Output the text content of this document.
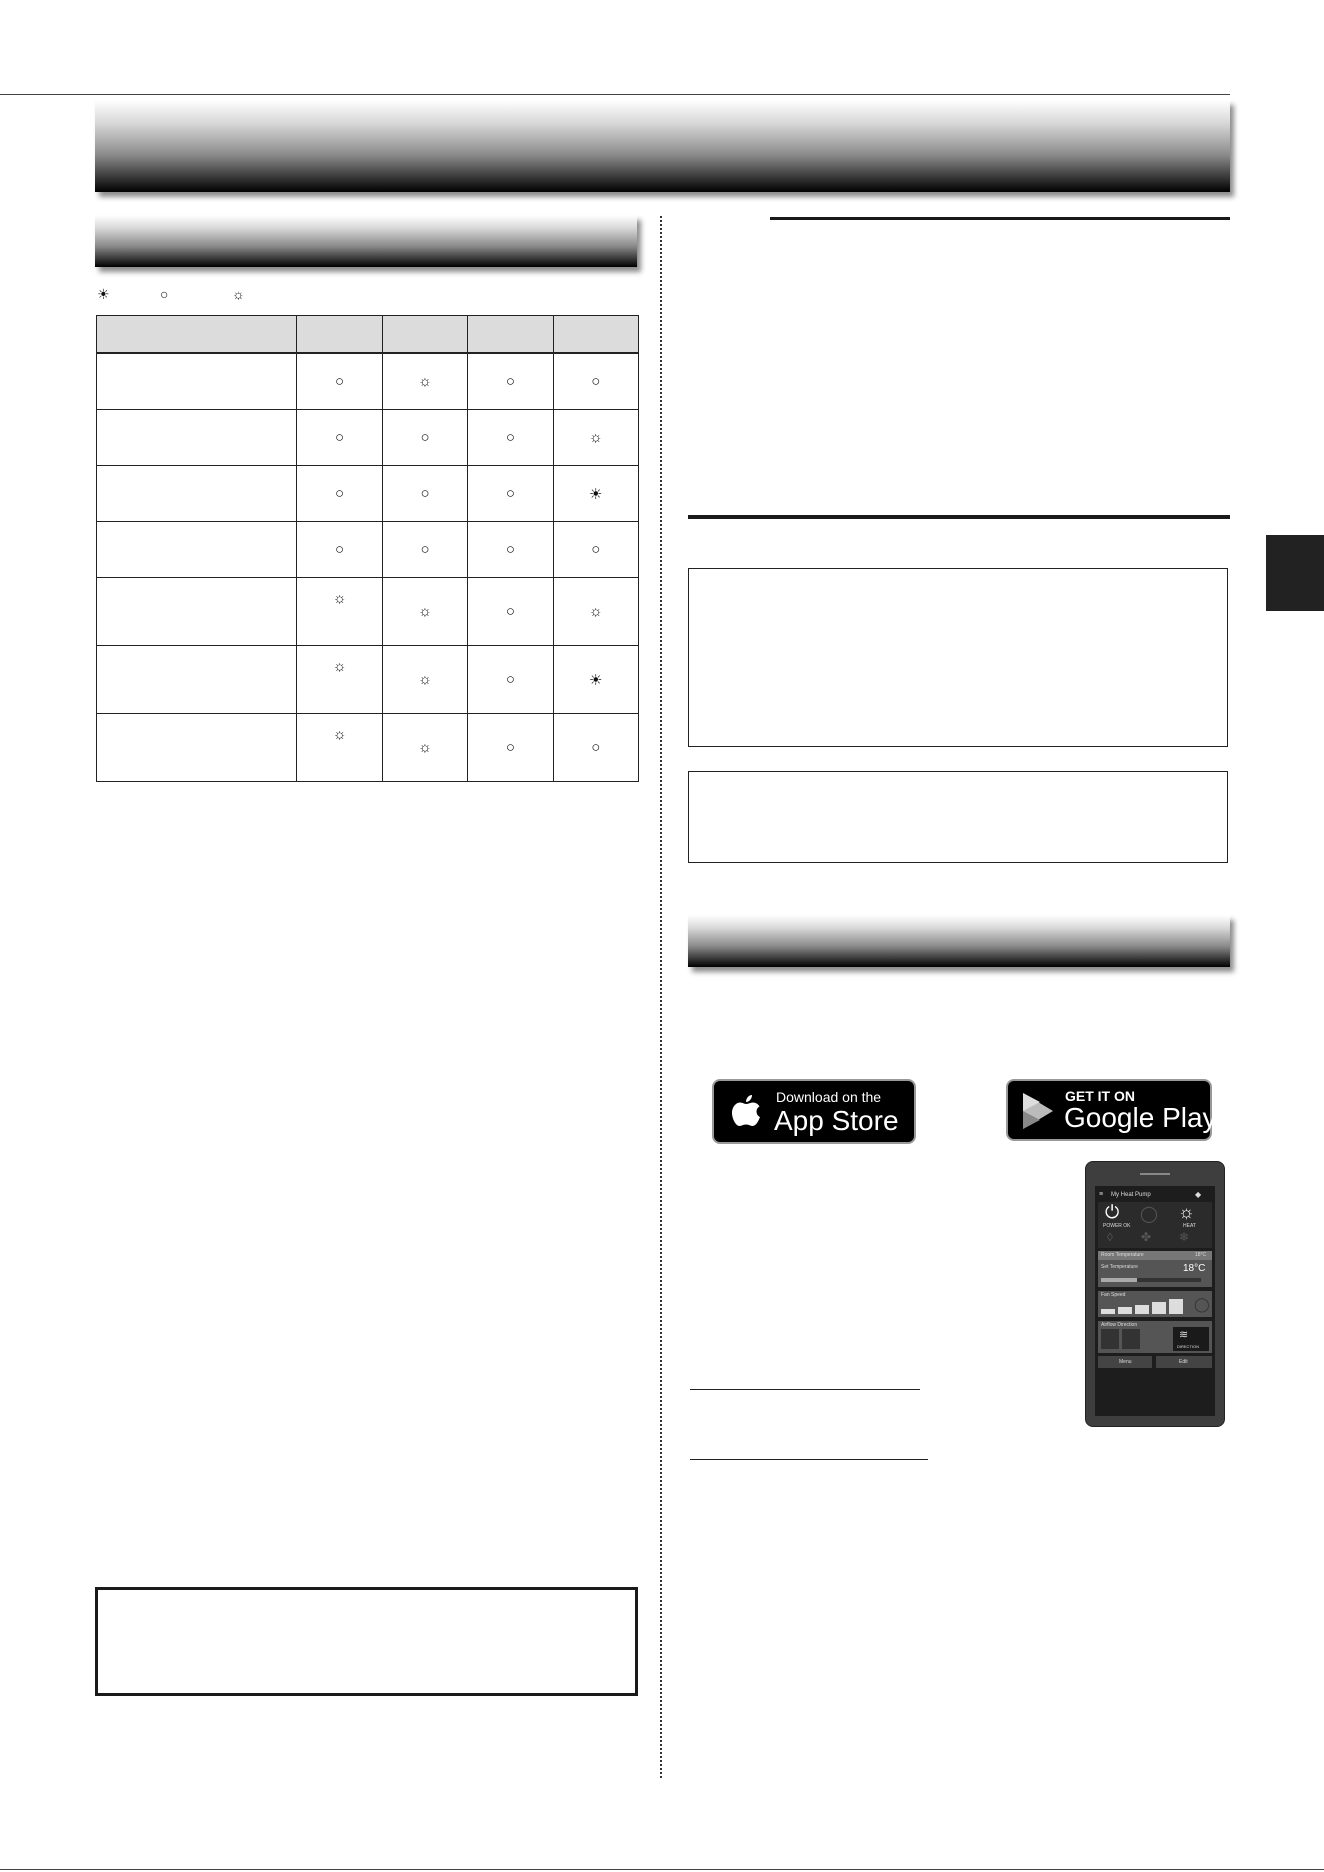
☀	○	☼

	○	☼	○	○
	○	○	○	☼
	○	○	○	☀
	○	○	○	○
	☼	☼	○	☼
	☼	☼	○	☀
	☼	☼	○	○
Download on the
App Store
GET IT ON
Google Play
≡ My Heat Pump	◆
⏻
POWER OK
◯ ☼
HEAT
◊ ✤ ❄
Room Temperature	18°C
Set Temperature	18°C
Fan Speed
◯
Airflow Direction
≋
DIRECTION
Menu	Edit
